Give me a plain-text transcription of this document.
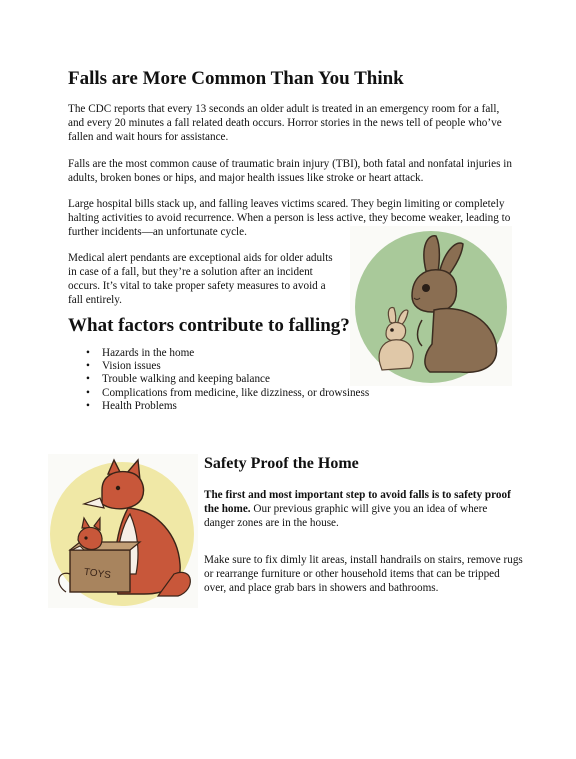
Falls are More Common Than You Think

The CDC reports that every 13 seconds an older adult is treated in an emergency room for a fall, and every 20 minutes a fall related death occurs. Horror stories in the news tell of people who’ve fallen and wait hours for assistance.

Falls are the most common cause of traumatic brain injury (TBI), both fatal and nonfatal injuries in adults, broken bones or hips, and major health issues like stroke or heart attack.

Large hospital bills stack up, and falling leaves victims scared. They begin limiting or completely halting activities to avoid recurrence. When a person is less active, they become weaker, leading to further incidents—an unfortunate cycle.

Medical alert pendants are exceptional aids for older adults in case of a fall, but they’re a solution after an incident occurs. It’s vital to take proper safety measures to avoid a fall entirely.

What factors contribute to falling?
• Hazards in the home
• Vision issues
• Trouble walking and keeping balance
• Complications from medicine, like dizziness, or drowsiness
• Health Problems
TOYS
Safety Proof the Home

The first and most important step to avoid falls is to safety proof the home. Our previous graphic will give you an idea of where danger zones are in the house.

Make sure to fix dimly lit areas, install handrails on stairs, remove rugs or rearrange furniture or other household items that can be tripped over, and place grab bars in showers and bathrooms.
